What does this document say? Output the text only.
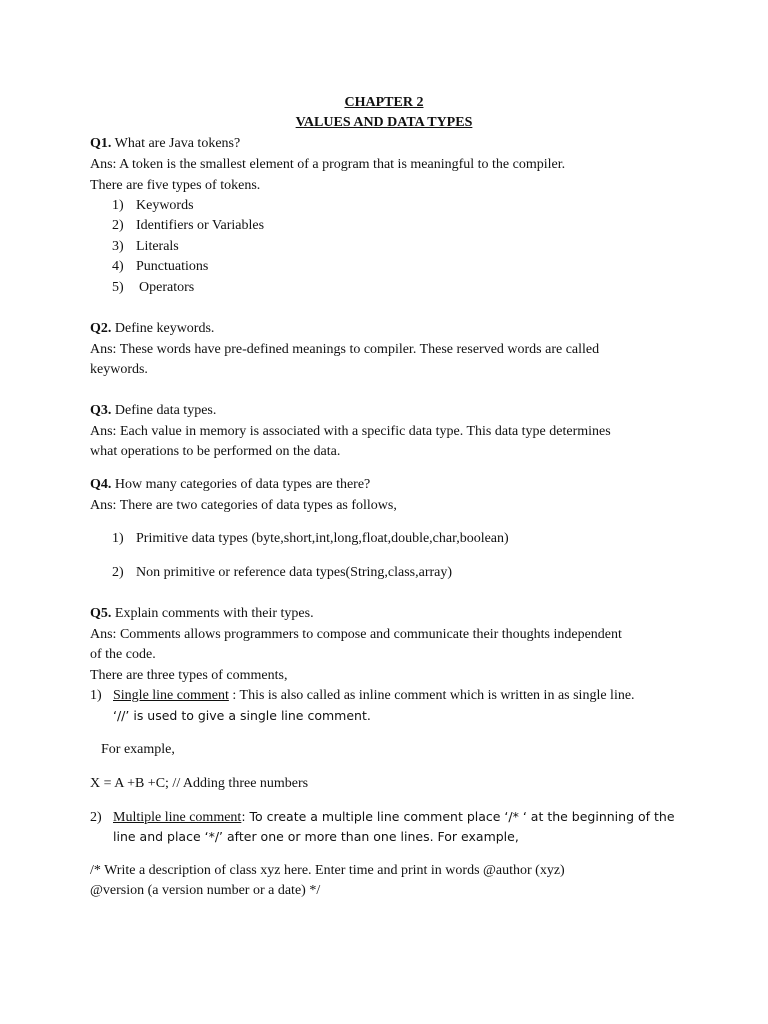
CHAPTER 2
VALUES AND DATA TYPES
Q1. What are Java tokens?
Ans: A token is the smallest element of a program that is meaningful to the compiler.
There are five types of tokens.
1) Keywords
2) Identifiers or Variables
3) Literals
4) Punctuations
5) Operators
Q2. Define keywords.
Ans: These words have pre-defined meanings to compiler. These reserved words are called
keywords.
Q3. Define data types.
Ans: Each value in memory is associated with a specific data type. This data type determines
what operations to be performed on the data.
Q4. How many categories of data types are there?
Ans: There are two categories of data types as follows,
1) Primitive data types (byte,short,int,long,float,double,char,boolean)
2) Non primitive or reference data types(String,class,array)
Q5. Explain comments with their types.
Ans: Comments allows programmers to compose and communicate their thoughts independent
of the code.
There are three types of comments,
1) Single line comment : This is also called as inline comment which is written in as single line.
‘//’ is used to give a single line comment.
For example,
X = A +B +C; // Adding three numbers
2) Multiple line comment: To create a multiple line comment place ‘/* ‘ at the beginning of the
line and place ‘*/’ after one or more than one lines. For example,
/* Write a description of class xyz here. Enter time and print in words @author (xyz)
@version (a version number or a date) */
